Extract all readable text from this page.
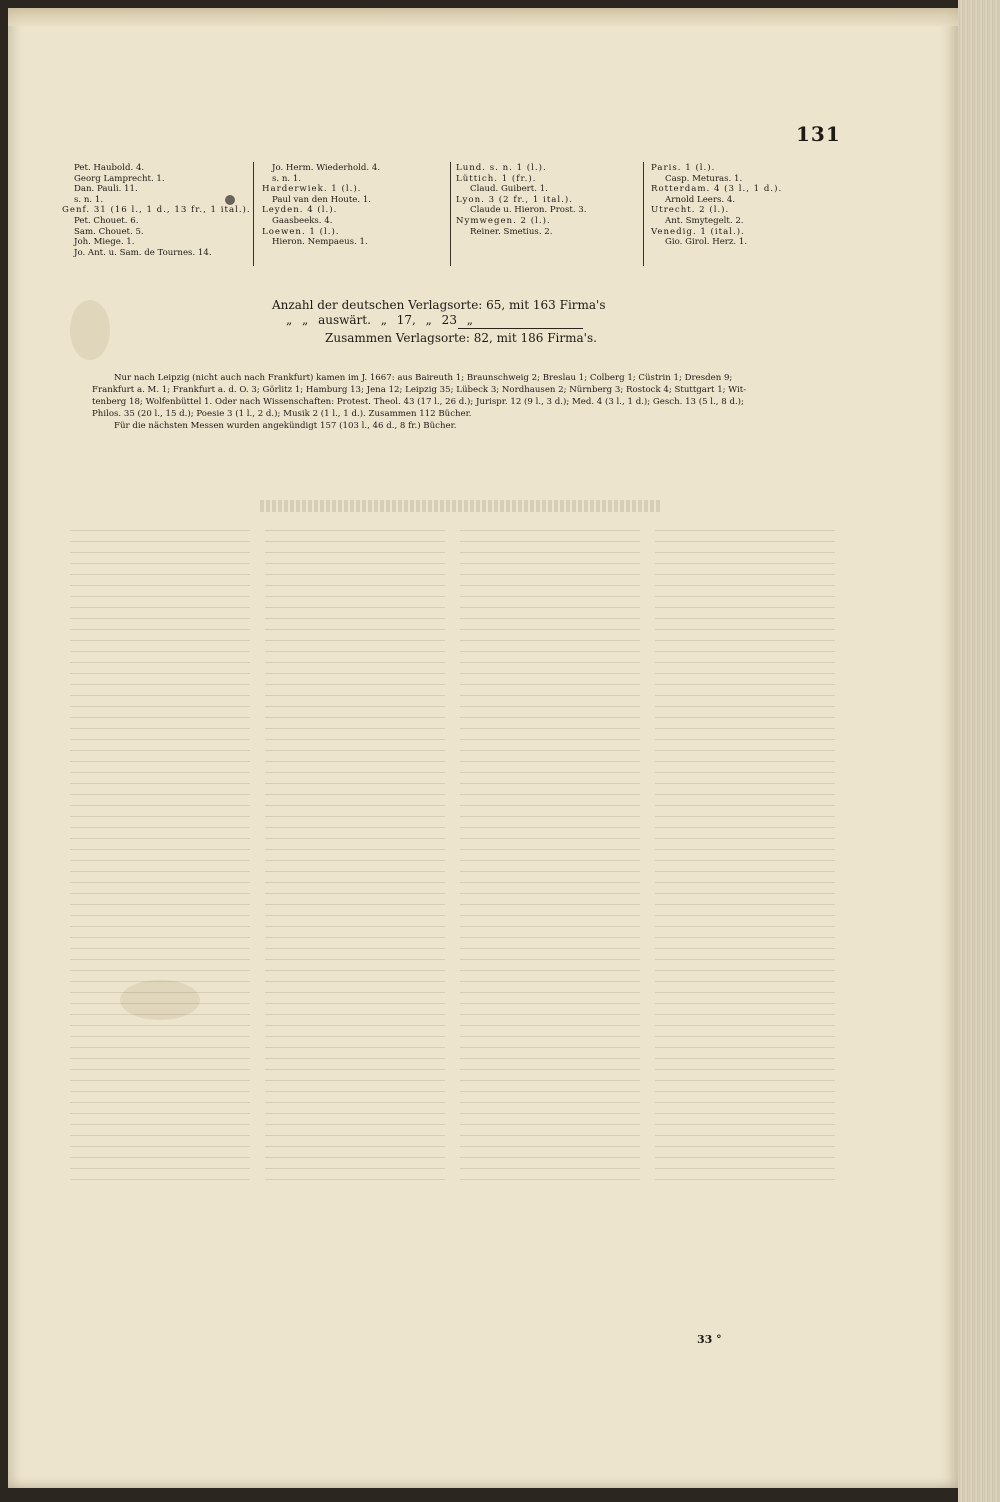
131
Pet. Haubold. 4.
Georg Lamprecht. 1.
Dan. Pauli. 11.
s. n. 1.
Genf. 31 (16 l., 1 d., 13 fr., 1 ital.).
Pet. Chouet. 6.
Sam. Chouet. 5.
Joh. Miege. 1.
Jo. Ant. u. Sam. de Tournes. 14.
Jo. Herm. Wiederhold. 4.
s. n. 1.
Harderwiek. 1 (l.).
Paul van den Houte. 1.
Leyden. 4 (l.).
Gaasbeeks. 4.
Loewen. 1 (l.).
Hieron. Nempaeus. 1.
Lund. s. n. 1 (l.).
Lüttich. 1 (fr.).
Claud. Guibert. 1.
Lyon. 3 (2 fr., 1 ital.).
Claude u. Hieron. Prost. 3.
Nymwegen. 2 (l.).
Reiner. Smetius. 2.
Paris. 1 (l.).
Casp. Meturas. 1.
Rotterdam. 4 (3 l., 1 d.).
Arnold Leers. 4.
Utrecht. 2 (l.).
Ant. Smytegelt. 2.
Venedig. 1 (ital.).
Gio. Girol. Herz. 1.
Anzahl der deutschen Verlagsorte: 65, mit 163 Firma's
„ „ auswärt. „ 17, „ 23 „
Zusammen Verlagsorte: 82, mit 186 Firma's.
Nur nach Leipzig (nicht auch nach Frankfurt) kamen im J. 1667: aus Baireuth 1; Braunschweig 2; Breslau 1; Colberg 1; Cüstrin 1; Dresden 9;
Frankfurt a. M. 1; Frankfurt a. d. O. 3; Görlitz 1; Hamburg 13; Jena 12; Leipzig 35; Lübeck 3; Nordhausen 2; Nürnberg 3; Rostock 4; Stuttgart 1; Wit-
tenberg 18; Wolfenbüttel 1. Oder nach Wissenschaften: Protest. Theol. 43 (17 l., 26 d.); Jurispr. 12 (9 l., 3 d.); Med. 4 (3 l., 1 d.); Gesch. 13 (5 l., 8 d.);
Philos. 35 (20 l., 15 d.); Poesie 3 (1 l., 2 d.); Musik 2 (1 l., 1 d.). Zusammen 112 Bücher.
Für die nächsten Messen wurden angekündigt 157 (103 l., 46 d., 8 fr.) Bücher.
33 °
